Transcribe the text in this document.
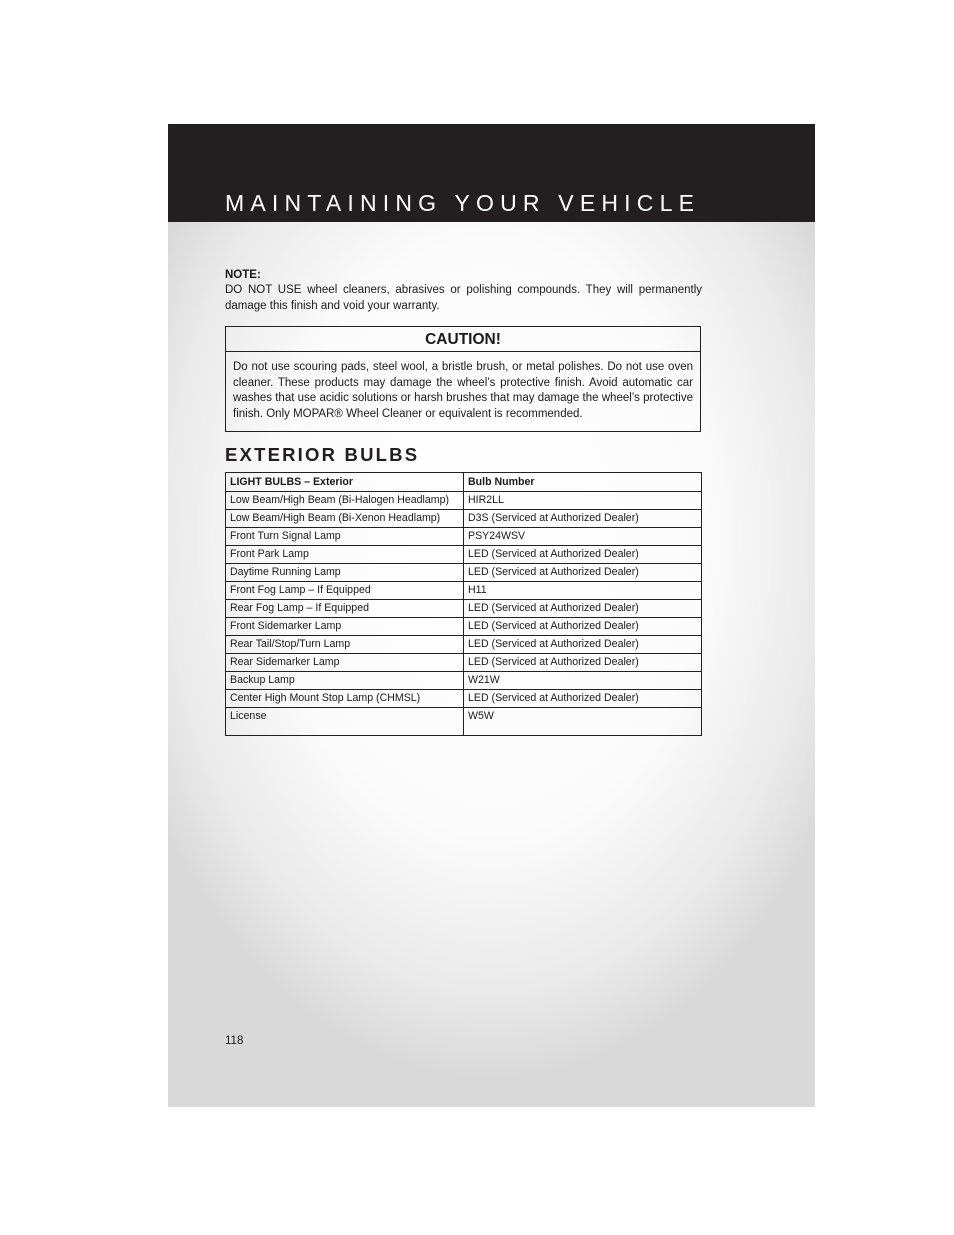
MAINTAINING YOUR VEHICLE
NOTE:
DO NOT USE wheel cleaners, abrasives or polishing compounds. They will permanently damage this finish and void your warranty.
CAUTION!
Do not use scouring pads, steel wool, a bristle brush, or metal polishes. Do not use oven cleaner. These products may damage the wheel’s protective finish. Avoid automatic car washes that use acidic solutions or harsh brushes that may damage the wheel’s protective finish. Only MOPAR® Wheel Cleaner or equivalent is recommended.
EXTERIOR BULBS
LIGHT BULBS – Exterior	Bulb Number
Low Beam/High Beam (Bi-Halogen Headlamp)	HIR2LL
Low Beam/High Beam (Bi-Xenon Headlamp)	D3S (Serviced at Authorized Dealer)
Front Turn Signal Lamp	PSY24WSV
Front Park Lamp	LED (Serviced at Authorized Dealer)
Daytime Running Lamp	LED (Serviced at Authorized Dealer)
Front Fog Lamp – If Equipped	H11
Rear Fog Lamp – If Equipped	LED (Serviced at Authorized Dealer)
Front Sidemarker Lamp	LED (Serviced at Authorized Dealer)
Rear Tail/Stop/Turn Lamp	LED (Serviced at Authorized Dealer)
Rear Sidemarker Lamp	LED (Serviced at Authorized Dealer)
Backup Lamp	W21W
Center High Mount Stop Lamp (CHMSL)	LED (Serviced at Authorized Dealer)
License	W5W
118
